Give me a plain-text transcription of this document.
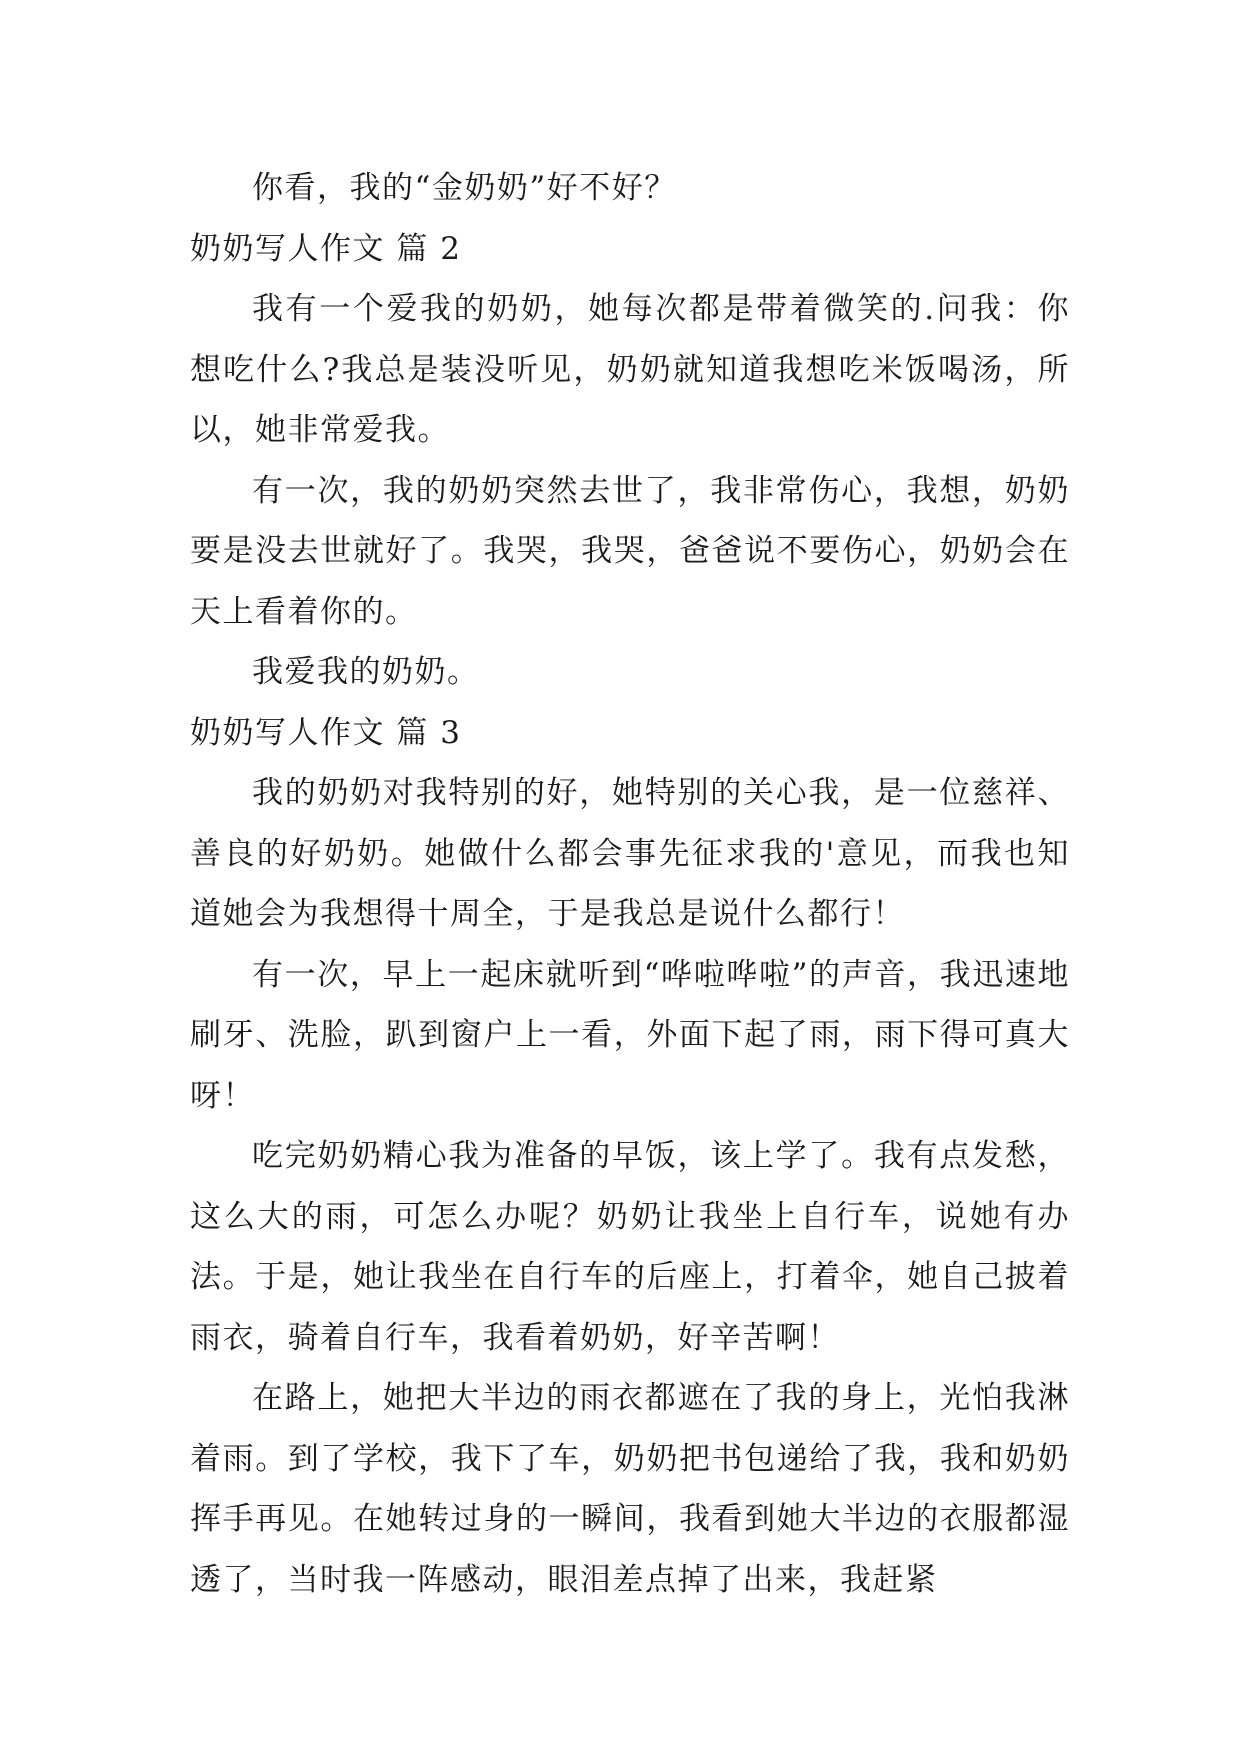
你看，我的“金奶奶”好不好？

奶奶写人作文 篇 2

我有一个爱我的奶奶，她每次都是带着微笑的.问我：你想吃什么?我总是装没听见，奶奶就知道我想吃米饭喝汤，所以，她非常爱我。

有一次，我的奶奶突然去世了，我非常伤心，我想，奶奶要是没去世就好了。我哭，我哭，爸爸说不要伤心，奶奶会在天上看着你的。

我爱我的奶奶。

奶奶写人作文 篇 3

我的奶奶对我特别的好，她特别的关心我，是一位慈祥、善良的好奶奶。她做什么都会事先征求我的'意见，而我也知道她会为我想得十周全，于是我总是说什么都行！

有一次，早上一起床就听到“哗啦哗啦”的声音，我迅速地刷牙、洗脸，趴到窗户上一看，外面下起了雨，雨下得可真大呀！

吃完奶奶精心我为准备的早饭，该上学了。我有点发愁，这么大的雨，可怎么办呢？奶奶让我坐上自行车，说她有办法。于是，她让我坐在自行车的后座上，打着伞，她自己披着雨衣，骑着自行车，我看着奶奶，好辛苦啊！

在路上，她把大半边的雨衣都遮在了我的身上，光怕我淋着雨。到了学校，我下了车，奶奶把书包递给了我，我和奶奶挥手再见。在她转过身的一瞬间，我看到她大半边的衣服都湿透了，当时我一阵感动，眼泪差点掉了出来，我赶紧
